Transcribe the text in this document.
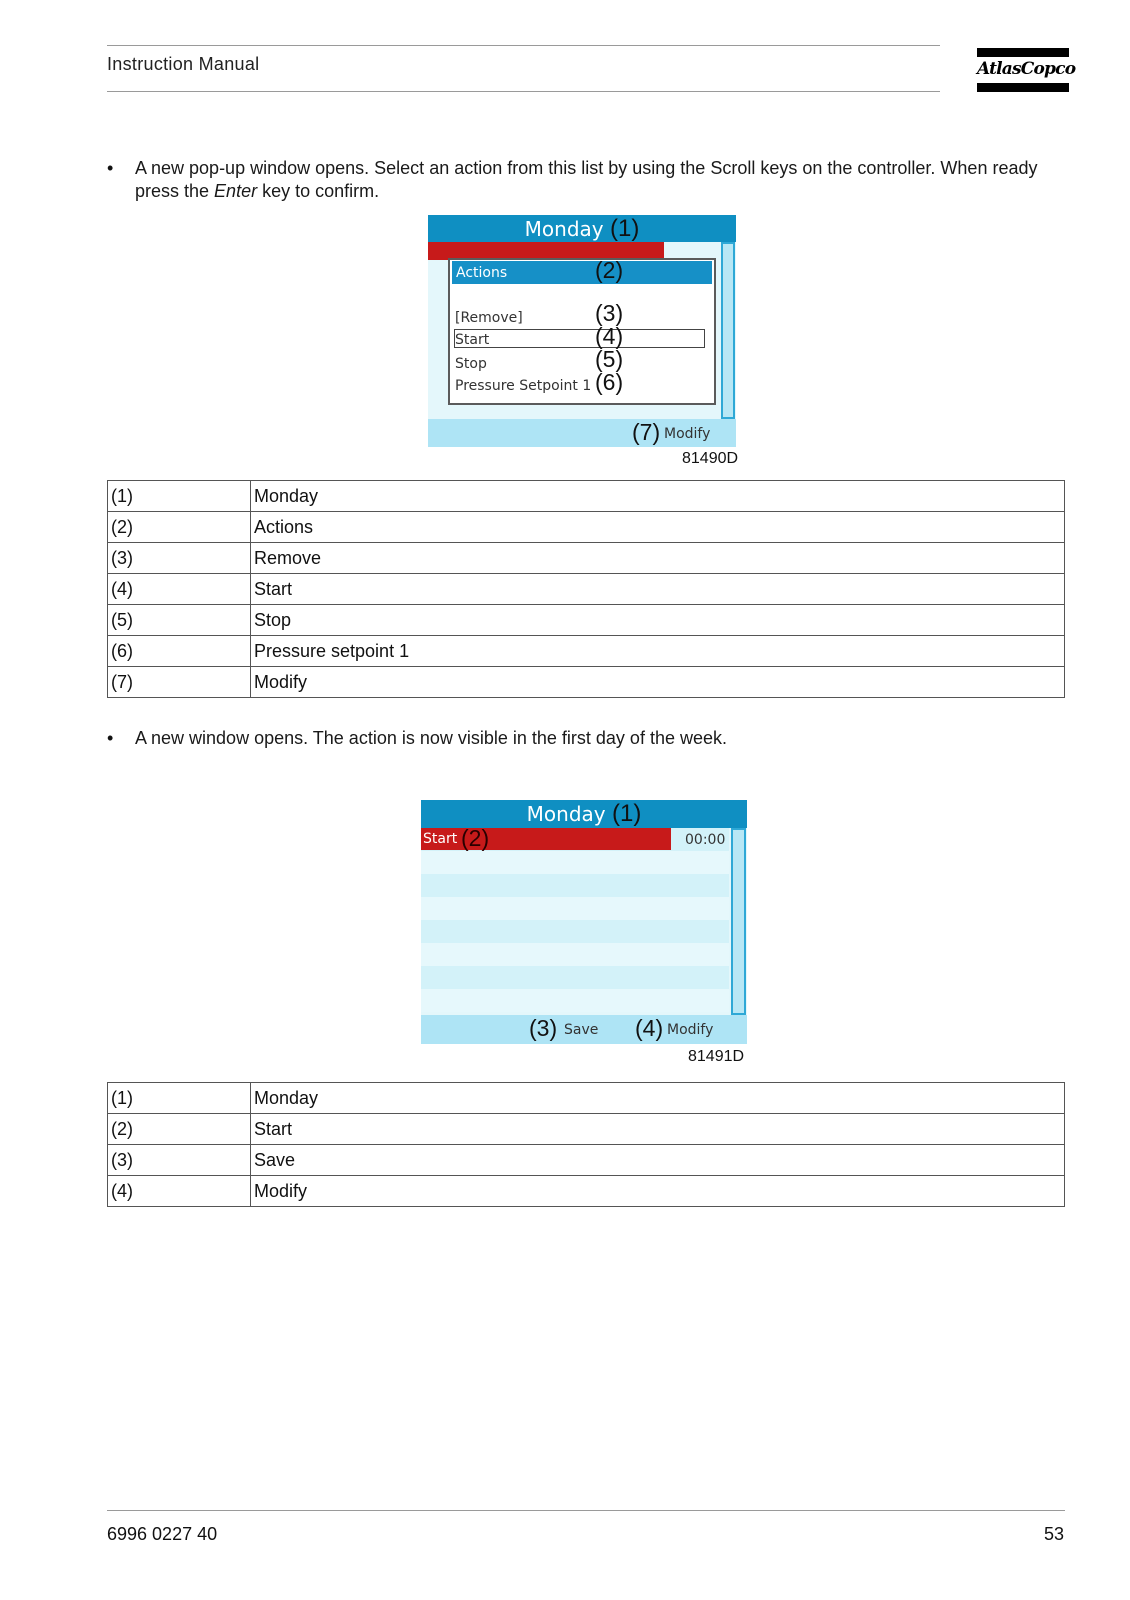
Instruction Manual	AtlasCopco
• A new pop-up window opens. Select an action from this list by using the Scroll keys on the controller. When ready press the Enter key to confirm.
Monday (1)
Actions	(2)
[Remove]	(3)
Start	(4)
Stop	(5)
Pressure Setpoint 1 (6)
(7) Modify
81490D
(1)	Monday
(2)	Actions
(3)	Remove
(4)	Start
(5)	Stop
(6)	Pressure setpoint 1
(7)	Modify
• A new window opens. The action is now visible in the first day of the week.
Monday (1)
Start (2)	00:00
(3) Save (4) Modify
81491D
(1)	Monday
(2)	Start
(3)	Save
(4)	Modify
6996 0227 40	53
